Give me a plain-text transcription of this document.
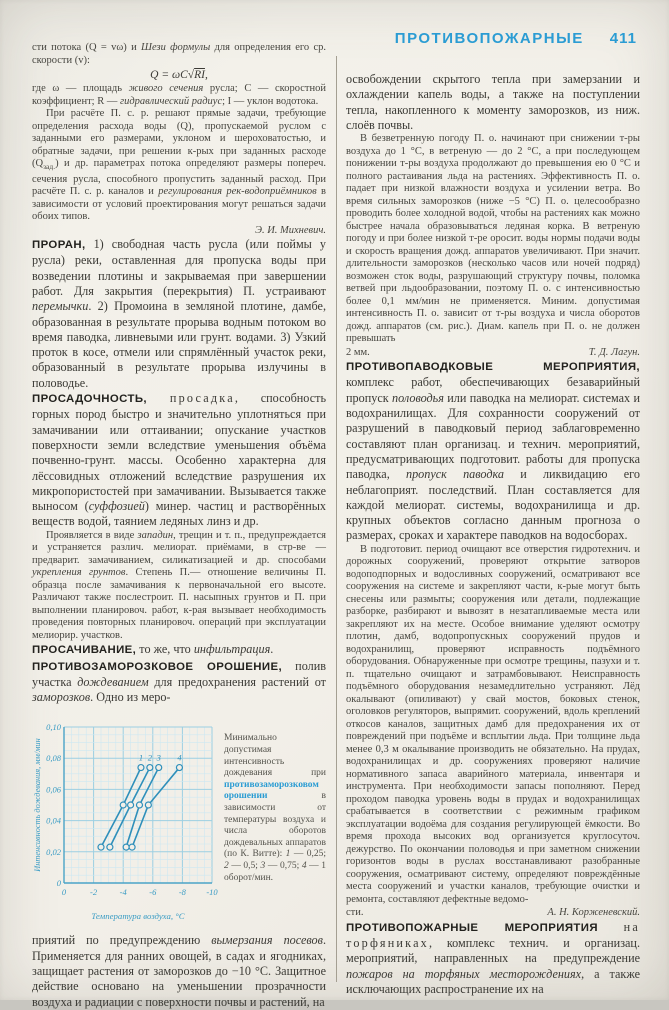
ПРОТИВОПОЖАРНЫЕ 411

сти потока (Q = vω) и Шези формулы для определения его ср. скорости (v):

Q = ωC√RI,

где ω — площадь живого сечения русла; С — скоростной коэффициент; R — гидравлический радиус; I — уклон водотока.

При расчёте П. с. р. решают прямые задачи, требующие определения расхода воды (Q), пропускаемой руслом с заданными его размерами, уклоном и шероховатостью, и обратные задачи, при решении к-рых при заданных расходе $(Q_{зад.})$ и др. параметрах потока определяют размеры попереч. сечения русла, способного пропустить заданный расход. При расчёте П. с. р. каналов и регулирования рек-водоприёмников в зависимости от условий проектирования могут решаться задачи обоих типов.

Э. И. Михневич.

ПРОРАН, 1) свободная часть русла (или поймы у русла) реки, оставленная для пропуска воды при возведении плотины и закрываемая при завершении работ. Для закрытия (перекрытия) П. устраивают перемычки. 2) Промоина в земляной плотине, дамбе, образованная в результате прорыва водным потоком во время паводка, ливневыми или грунт. водами. 3) Узкий проток в косе, отмели или спрямлённый участок реки, образованный в результате прорыва излучины в половодье.

ПРОСАДОЧНОСТЬ, просадка, способность горных пород быстро и значительно уплотняться при замачивании или оттаивании; опускание участков поверхности земли вследствие уменьшения объёма почвенно-грунт. массы. Особенно характерна для лёссовидных отложений вследствие разрушения их микропористостей при замачивании. Вызывается также выносом (суффозией) минер. частиц и растворённых веществ водой, таянием ледяных линз и др.

Проявляется в виде западин, трещин и т. п., предупреждается и устраняется различ. мелиорат. приёмами, в стр-ве — предварит. замачиванием, силикатизацией и др. способами укрепления грунтов. Степень П.— отношение величины П. образца после замачивания к первоначальной его высоте. Различают также послестроит. П. насыпных грунтов и П. при выполнении планировоч. работ, к-рая вызывает необходимость проведения повторных планировоч. операций при эксплуатации мелиорир. участков.

ПРОСАЧИВАНИЕ, то же, что инфильтрация.

ПРОТИВОЗАМОРОЗКОВОЕ ОРОШЕНИЕ, полив участка дождеванием для предохранения растений от заморозков. Одно из меро-

1 2 3 4
0	-2	-4	-6	-8 -10
0
0,02
0,04
0,06
0,08
0,10
Температура воздуха, °С
Интенсивность дождевания, мм/мин
Минимально допустимая интенсивность дождевания при противозаморозковом орошении в зависимости от температуры воздуха и числа оборотов дождевальных аппаратов (по К. Витте): 1 — 0,25; 2 — 0,5; 3 — 0,75; 4 — 1 оборот/мин.

приятий по предупреждению вымерзания посевов. Применяется для ранних овощей, в садах и ягодниках, защищает растения от заморозков до −10 °С. Защитное действие основано на уменьшении прозрачности воздуха и радиации с поверхности почвы и растений, на

освобождении скрытого тепла при замерзании и охлаждении капель воды, а также на поступлении тепла, накопленного к моменту заморозков, из ниж. слоёв почвы.

В безветренную погоду П. о. начинают при снижении т-ры воздуха до 1 °С, в ветреную — до 2 °С, а при последующем понижении т-ры воздуха продолжают до превышения ею 0 °С и полного растаивания льда на растениях. Эффективность П. о. падает при низкой влажности воздуха и усилении ветра. Во время сильных заморозков (ниже −5 °С) П. о. целесообразно проводить более холодной водой, чтобы на растениях как можно быстрее начала образовываться ледяная корка. В ветреную погоду и при более низкой т-ре оросит. воды нормы подачи воды и скорость вращения дожд. аппаратов увеличивают. При значит. длительности заморозков (несколько часов или ночей подряд) возможен сток воды, разрушающий структуру почвы, поломка ветвей при льдообразовании, поэтому П. о. с интенсивностью более 0,1 мм/мин не применяется. Миним. допустимая интенсивность П. о. зависит от т-ры воздуха и числа оборотов дожд. аппаратов (см. рис.). Диам. капель при П. о. не должен превышать

2 мм.	Т. Д. Лагун.

ПРОТИВОПАВОДКОВЫЕ МЕРОПРИЯТИЯ, комплекс работ, обеспечивающих безаварийный пропуск половодья или паводка на мелиорат. системах и водохранилищах. Для сохранности сооружений от разрушений в паводковый период заблаговременно составляют план организац. и технич. мероприятий, предусматривающих подготовит. работы для пропуска паводка, пропуск паводка и ликвидацию его неблагоприят. последствий. План составляется для каждой мелиорат. системы, водохранилища и др. крупных объектов согласно данным прогноза о размерах, сроках и характере паводков на водосборах.

В подготовит. период очищают все отверстия гидротехнич. и дорожных сооружений, проверяют открытие затворов водоподпорных и водосливных сооружений, осматривают все сооружения на системе и закрепляют части, к-рые могут быть снесены или размыты; сооружения или детали, подлежащие разборке, разбирают и вывозят в незатапливаемые места или закрепляют их на месте. Особое внимание уделяют осмотру плотин, дамб, водопропускных сооружений прудов и водохранилищ, проверяют исправность подъёмного оборудования. Обнаруженные при осмотре трещины, пазухи и т. п. тщательно очищают и затрамбовывают. Неисправность подъёмного оборудования незамедлительно устраняют. Лёд окалывают (опиливают) у свай мостов, боковых стенок, оголовков регуляторов, выпрямит. сооружений, вдоль креплений откосов каналов, защитных дамб для предохранения их от повреждений при подъёме и всплытии льда. При толщине льда менее 0,3 м окалывание производить не обязательно. На прудах, водохранилищах и др. сооружениях проверяют наличие нормативного запаса аварийного материала, инвентаря и инструмента. При необходимости запасы пополняют. Перед проходом паводка уровень воды в прудах и водохранилищах срабатывается в соответствии с режимным графиком эксплуатации водоёма для создания регулирующей ёмкости. Во время прохода высоких вод организуется круглосуточ. дежурство. По окончании половодья и при заметном снижении горизонтов воды в руслах восстанавливают разобранные сооружения, осматривают систему, определяют повреждённые места сооружений и участки каналов, требующие очистки и ремонта, составляют дефектные ведомо-

сти.	А. Н. Корженевский.

ПРОТИВОПОЖАРНЫЕ МЕРОПРИЯТИЯ на торфяниках, комплекс технич. и организац. мероприятий, направленных на предупреждение пожаров на торфяных месторождениях, а также исключающих распространение их на
